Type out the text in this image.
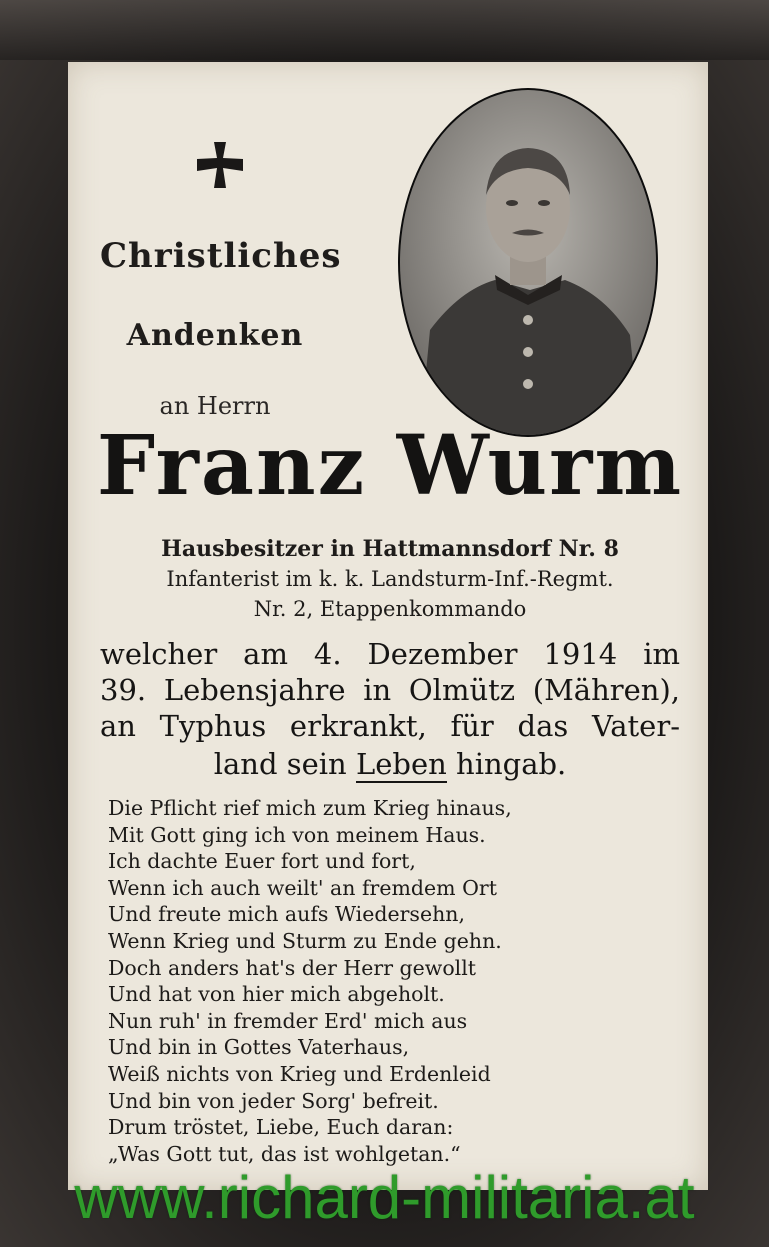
Christliches
Andenken
an Herrn
Franz Wurm
Hausbesitzer in Hattmannsdorf Nr. 8
Infanterist im k. k. Landsturm-Inf.-Regmt.
Nr. 2, Etappenkommando
welcher am 4. Dezember 1914 im
39. Lebensjahre in Olmütz (Mähren),
an Typhus erkrankt, für das Vater-
land sein Leben hingab.
Die Pflicht rief mich zum Krieg hinaus,
Mit Gott ging ich von meinem Haus.
Ich dachte Euer fort und fort,
Wenn ich auch weilt' an fremdem Ort
Und freute mich aufs Wiedersehn,
Wenn Krieg und Sturm zu Ende gehn.
Doch anders hat's der Herr gewollt
Und hat von hier mich abgeholt.
Nun ruh' in fremder Erd' mich aus
Und bin in Gottes Vaterhaus,
Weiß nichts von Krieg und Erdenleid
Und bin von jeder Sorg' befreit.
Drum tröstet, Liebe, Euch daran:
„Was Gott tut, das ist wohlgetan.“
www.richard-militaria.at
